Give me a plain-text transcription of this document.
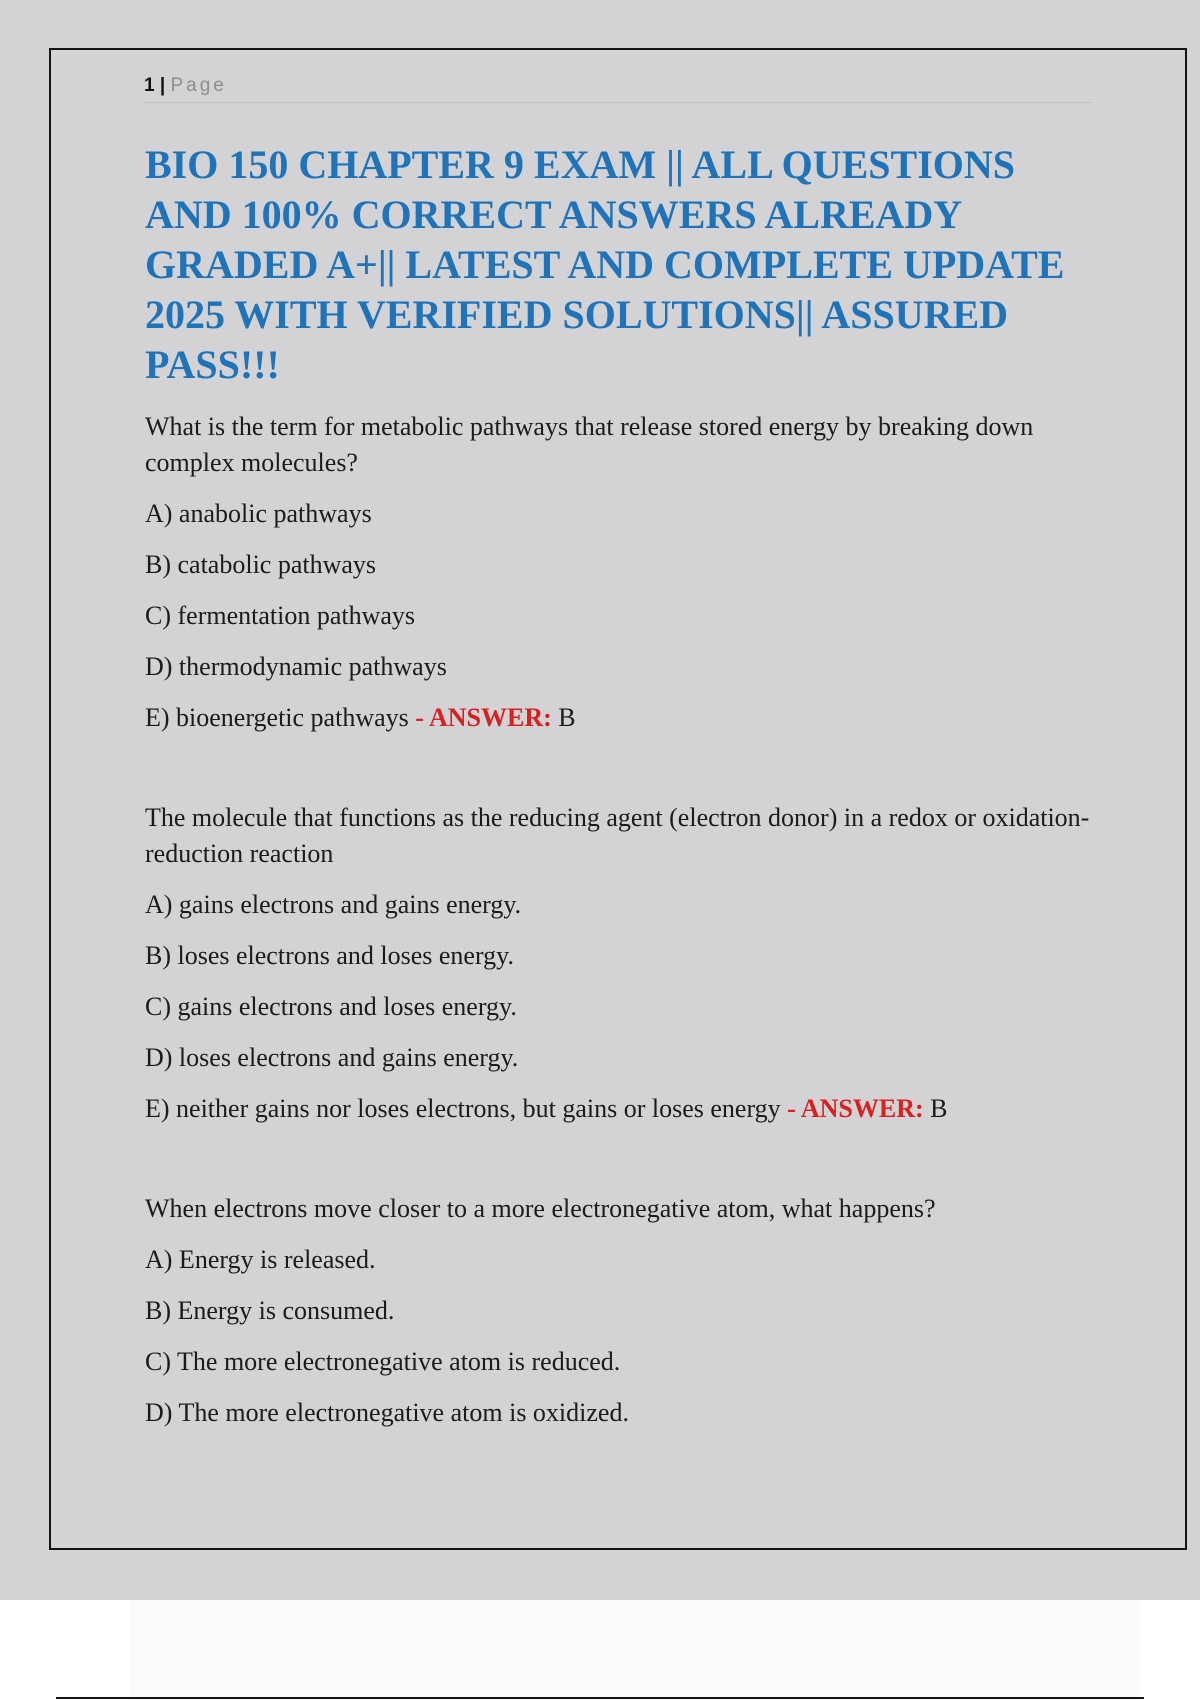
1 | Page
BIO 150 CHAPTER 9 EXAM || ALL QUESTIONS AND 100% CORRECT ANSWERS ALREADY GRADED A+|| LATEST AND COMPLETE UPDATE 2025 WITH VERIFIED SOLUTIONS|| ASSURED PASS!!!

What is the term for metabolic pathways that release stored energy by breaking down complex molecules?

A) anabolic pathways

B) catabolic pathways

C) fermentation pathways

D) thermodynamic pathways

E) bioenergetic pathways - ANSWER: B

The molecule that functions as the reducing agent (electron donor) in a redox or oxidation-reduction reaction

A) gains electrons and gains energy.

B) loses electrons and loses energy.

C) gains electrons and loses energy.

D) loses electrons and gains energy.

E) neither gains nor loses electrons, but gains or loses energy - ANSWER: B

When electrons move closer to a more electronegative atom, what happens?

A) Energy is released.

B) Energy is consumed.

C) The more electronegative atom is reduced.

D) The more electronegative atom is oxidized.
